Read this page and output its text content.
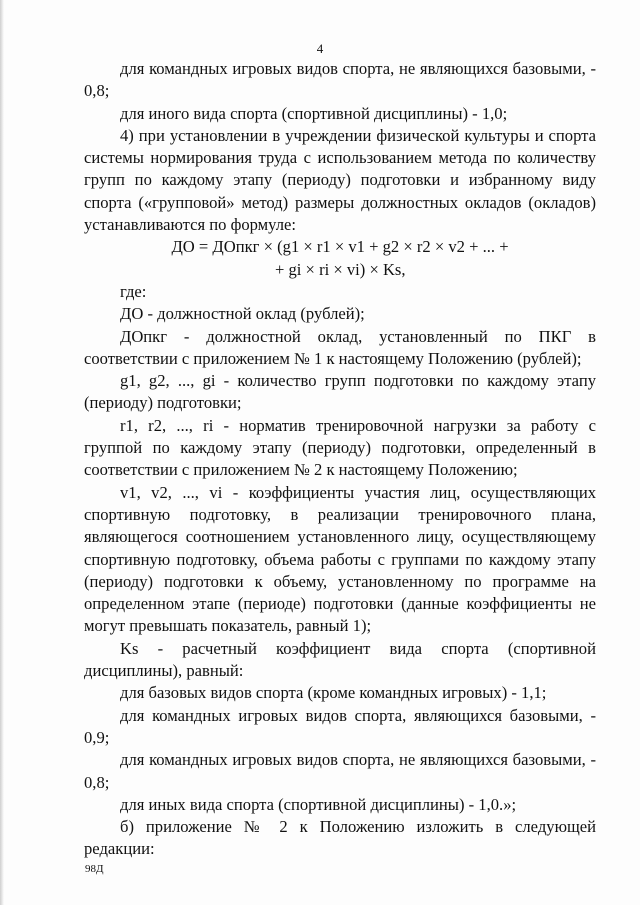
4

для командных игровых видов спорта, не являющихся базовыми, -

0,8;

для иного вида спорта (спортивной дисциплины) - 1,0;

4) при установлении в учреждении физической культуры и спорта системы нормирования труда с использованием метода по количеству групп по каждому этапу (периоду) подготовки и избранному виду спорта («групповой» метод) размеры должностных окладов (окладов) устанавливаются по формуле:

ДО = ДОпкг × (g1 × r1 × v1 + g2 × r2 × v2 + ... +

+ gi × ri × vi) × Ks,

где:

ДО - должностной оклад (рублей);

ДОпкг - должностной оклад, установленный по ПКГ в соответствии с приложением № 1 к настоящему Положению (рублей);

g1, g2, ..., gi - количество групп подготовки по каждому этапу (периоду) подготовки;

r1, r2, ..., ri - норматив тренировочной нагрузки за работу с группой по каждому этапу (периоду) подготовки, определенный в соответствии с приложением № 2 к настоящему Положению;

v1, v2, ..., vi - коэффициенты участия лиц, осуществляющих спортивную подготовку, в реализации тренировочного плана, являющегося соотношением установленного лицу, осуществляющему спортивную подготовку, объема работы с группами по каждому этапу (периоду) подготовки к объему, установленному по программе на определенном этапе (периоде) подготовки (данные коэффициенты не могут превышать показатель, равный 1);

Ks - расчетный коэффициент вида спорта (спортивной дисциплины), равный:

для базовых видов спорта (кроме командных игровых) - 1,1;

для командных игровых видов спорта, являющихся базовыми, - 0,9;

для командных игровых видов спорта, не являющихся базовыми, -

0,8;

для иных вида спорта (спортивной дисциплины) - 1,0.»;

б) приложение № 2 к Положению изложить в следующей редакции:

98Д
